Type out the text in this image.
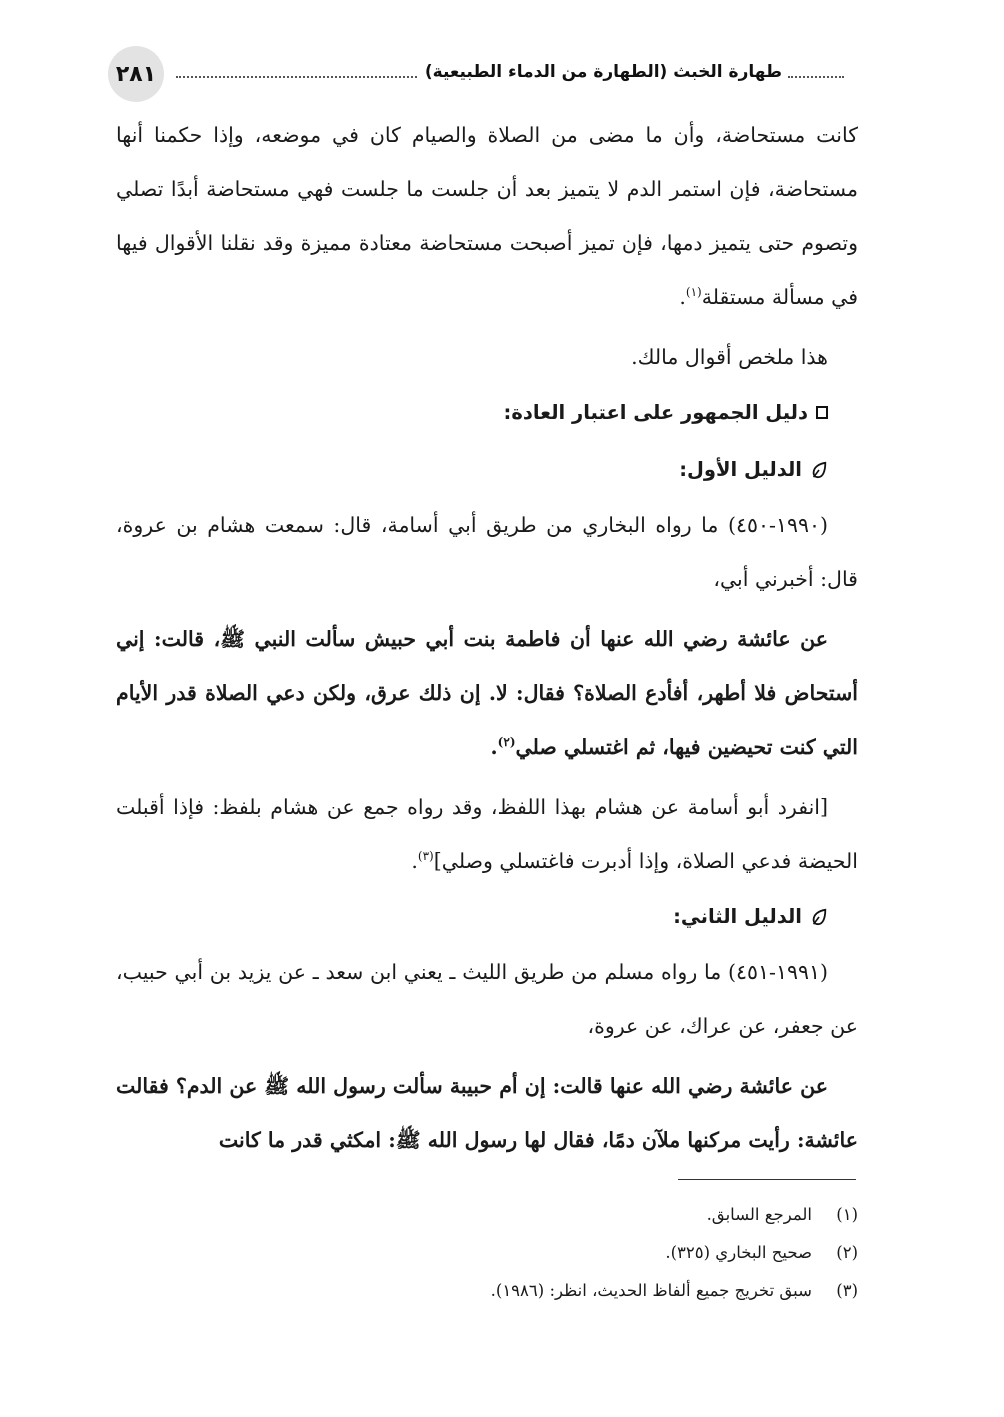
٢٨١	طهارة الخبث (الطهارة من الدماء الطبيعية)

كانت مستحاضة، وأن ما مضى من الصلاة والصيام كان في موضعه، وإذا حكمنا أنها مستحاضة، فإن استمر الدم لا يتميز بعد أن جلست ما جلست فهي مستحاضة أبدًا تصلي وتصوم حتى يتميز دمها، فإن تميز أصبحت مستحاضة معتادة مميزة وقد نقلنا الأقوال فيها في مسألة مستقلة$^{(١)}$.

هذا ملخص أقوال مالك.

دليل الجمهور على اعتبار العادة:

الدليل الأول:

(١٩٩٠-٤٥٠) ما رواه البخاري من طريق أبي أسامة، قال: سمعت هشام بن عروة، قال: أخبرني أبي،

عن عائشة رضي الله عنها أن فاطمة بنت أبي حبيش سألت النبي ﷺ، قالت: إني أستحاض فلا أطهر، أفأدع الصلاة؟ فقال: لا. إن ذلك عرق، ولكن دعي الصلاة قدر الأيام التي كنت تحيضين فيها، ثم اغتسلي صلي$^{(٢)}$.

[انفرد أبو أسامة عن هشام بهذا اللفظ، وقد رواه جمع عن هشام بلفظ: فإذا أقبلت الحيضة فدعي الصلاة، وإذا أدبرت فاغتسلي وصلي]$^{(٣)}$.

الدليل الثاني:

(١٩٩١-٤٥١) ما رواه مسلم من طريق الليث ـ يعني ابن سعد ـ عن يزيد بن أبي حبيب، عن جعفر، عن عراك، عن عروة،

عن عائشة رضي الله عنها قالت: إن أم حبيبة سألت رسول الله ﷺ عن الدم؟ فقالت عائشة: رأيت مركنها ملآن دمًا، فقال لها رسول الله ﷺ: امكثي قدر ما كانت

(١)
المرجع السابق.
(٢)
صحيح البخاري (٣٢٥).
(٣)
سبق تخريج جميع ألفاظ الحديث، انظر: (١٩٨٦).
